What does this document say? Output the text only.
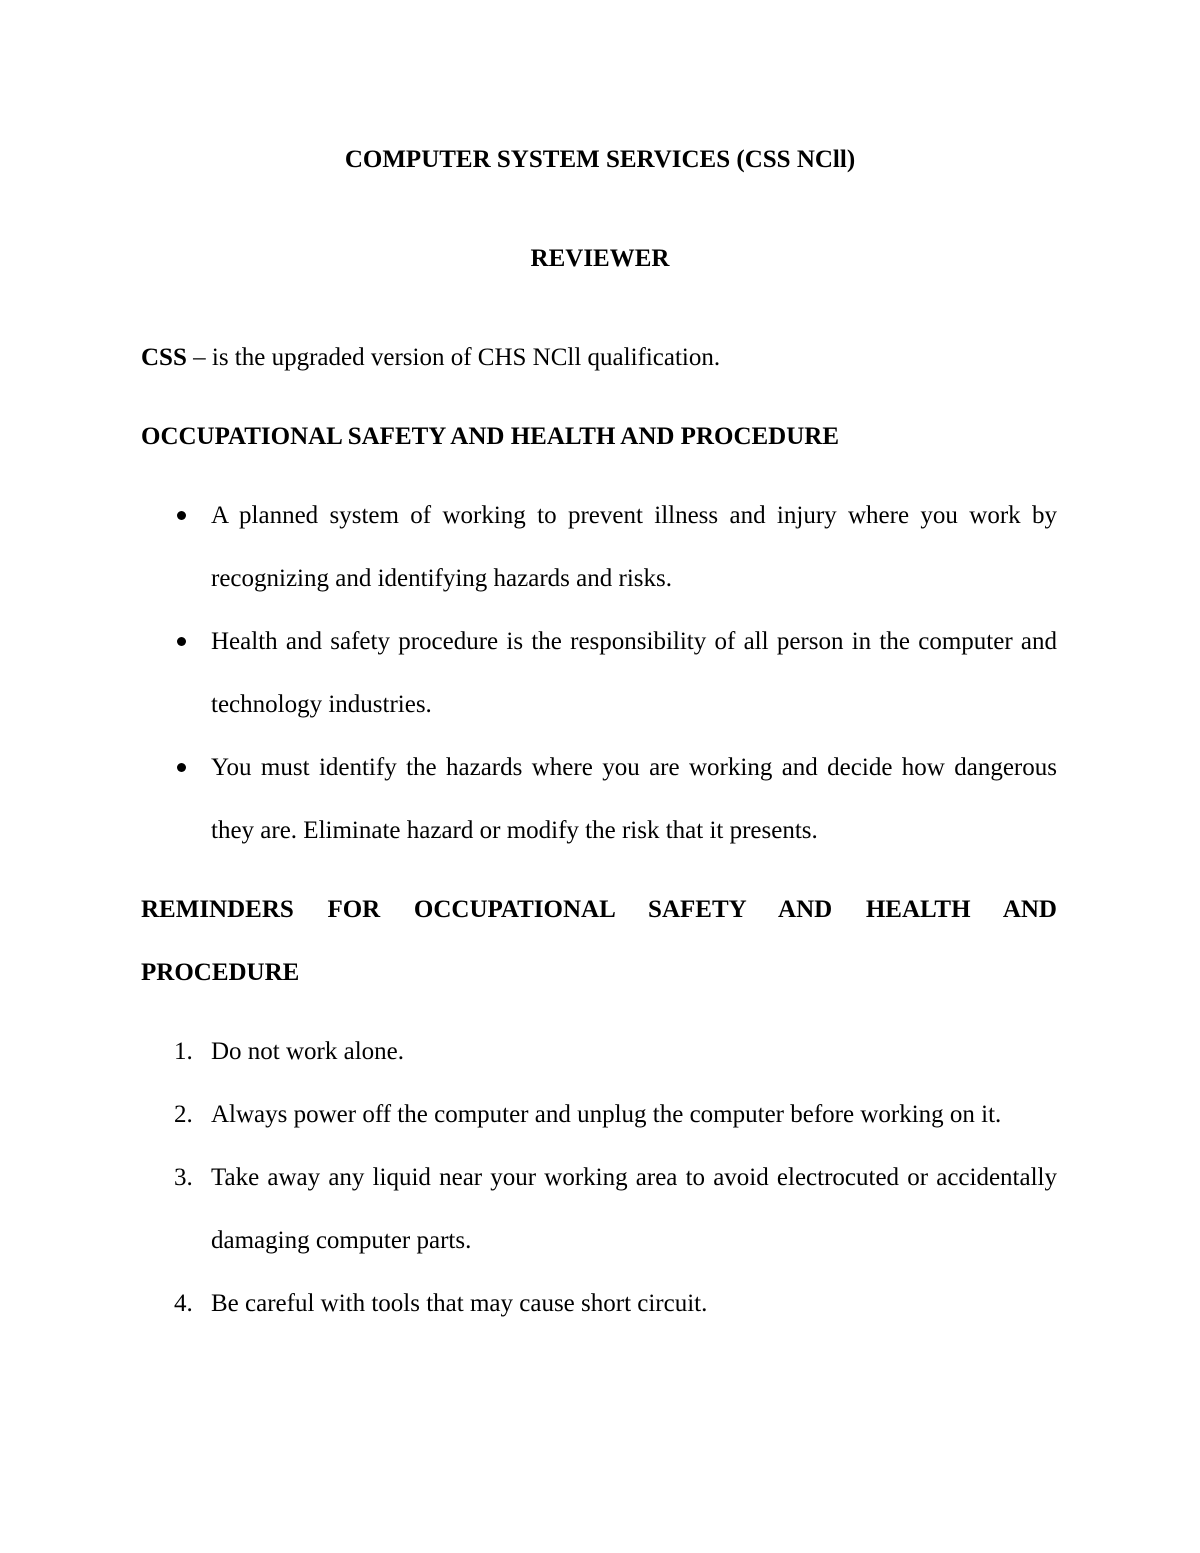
COMPUTER SYSTEM SERVICES (CSS NCll)
REVIEWER
CSS – is the upgraded version of CHS NCll qualification.
OCCUPATIONAL SAFETY AND HEALTH AND PROCEDURE
A planned system of working to prevent illness and injury where you work by recognizing and identifying hazards and risks.
Health and safety procedure is the responsibility of all person in the computer and technology industries.
You must identify the hazards where you are working and decide how dangerous they are. Eliminate hazard or modify the risk that it presents.
REMINDERS FOR OCCUPATIONAL SAFETY AND HEALTH AND PROCEDURE
1. Do not work alone.
2. Always power off the computer and unplug the computer before working on it.
3. Take away any liquid near your working area to avoid electrocuted or accidentally damaging computer parts.
4. Be careful with tools that may cause short circuit.
